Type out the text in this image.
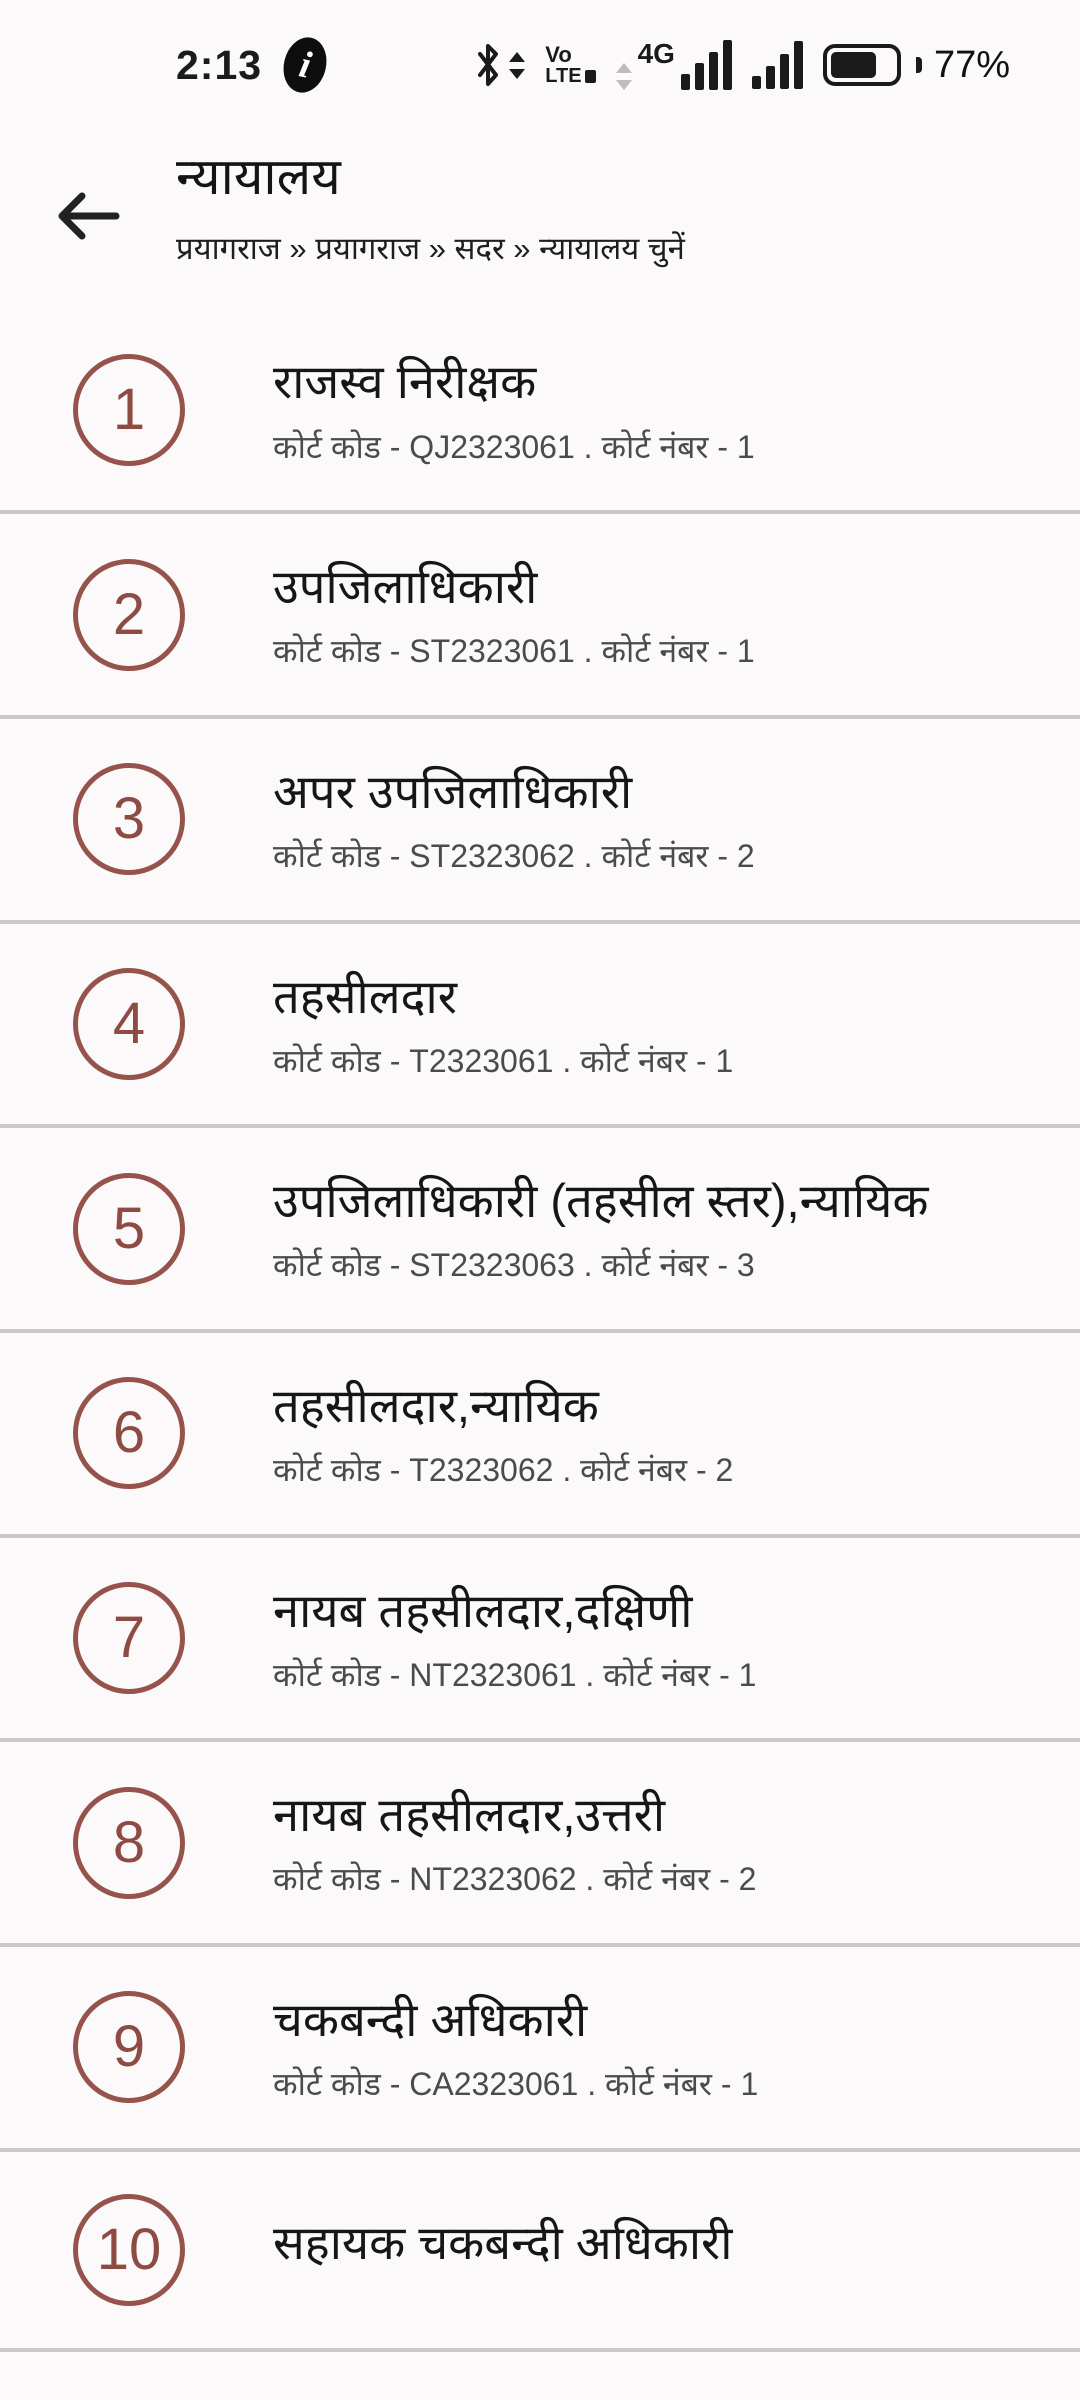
2:13 i	Vo
LTE
4G	77%
न्यायालय
प्रयागराज » प्रयागराज » सदर » न्यायालय चुनें
1	राजस्व निरीक्षक
कोर्ट कोड - QJ2323061 . कोर्ट नंबर - 1
2	उपजिलाधिकारी
कोर्ट कोड - ST2323061 . कोर्ट नंबर - 1
3	अपर उपजिलाधिकारी
कोर्ट कोड - ST2323062 . कोर्ट नंबर - 2
4	तहसीलदार
कोर्ट कोड - T2323061 . कोर्ट नंबर - 1
5	उपजिलाधिकारी (तहसील स्तर),न्यायिक
कोर्ट कोड - ST2323063 . कोर्ट नंबर - 3
6	तहसीलदार,न्यायिक
कोर्ट कोड - T2323062 . कोर्ट नंबर - 2
7	नायब तहसीलदार,दक्षिणी
कोर्ट कोड - NT2323061 . कोर्ट नंबर - 1
8	नायब तहसीलदार,उत्तरी
कोर्ट कोड - NT2323062 . कोर्ट नंबर - 2
9	चकबन्दी अधिकारी
कोर्ट कोड - CA2323061 . कोर्ट नंबर - 1
10	सहायक चकबन्दी अधिकारी
